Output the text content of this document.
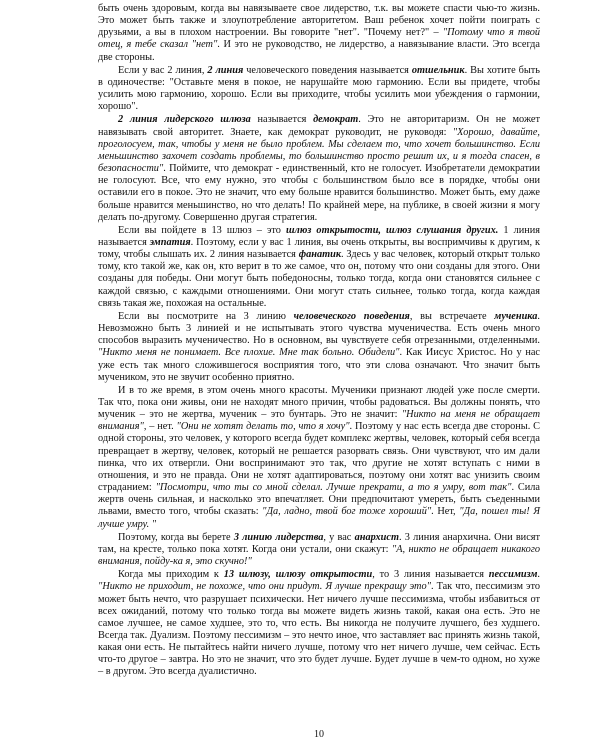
быть очень здоровым, когда вы навязываете свое лидерство, т.к. вы можете спасти чью-то жизнь. Это может быть также и злоупотребление авторитетом. Ваш ребенок хочет пойти поиграть с друзьями, а вы в плохом настроении. Вы говорите "нет". "Почему нет?" – "Потому что я твой отец, я тебе сказал "нет". И это не руководство, не лидерство, а навязывание власти. Это всегда две стороны.

Если у вас 2 линия, 2 линия человеческого поведения называется отшельник. Вы хотите быть в одиночестве: "Оставьте меня в покое, не нарушайте мою гармонию. Если вы придете, чтобы усилить мою гармонию, хорошо. Если вы приходите, чтобы усилить мои убеждения о гармонии, хорошо".

2 линия лидерского шлюза называется демократ. Это не авторитаризм. Он не может навязывать свой авторитет. Знаете, как демократ руководит, не руководя: "Хорошо, давайте, проголосуем, так, чтобы у меня не было проблем. Мы сделаем то, что хочет большинство. Если меньшинство захочет создать проблемы, то большинство просто решит их, и я тогда спасен, в безопасности". Поймите, что демократ - единственный, кто не голосует. Изобретатели демократии не голосуют. Все, что ему нужно, это чтобы с большинством было все в порядке, чтобы они оставили его в покое. Это не значит, что ему больше нравится большинство. Может быть, ему даже больше нравится меньшинство, но что делать! По крайней мере, на публике, в своей жизни я могу делать по-другому. Совершенно другая стратегия.

Если вы пойдете в 13 шлюз – это шлюз открытости, шлюз слушания других. 1 линия называется эмпатия. Поэтому, если у вас 1 линия, вы очень открыты, вы воспримчивы к другим, к тому, чтобы слышать их. 2 линия называется фанатик. Здесь у вас человек, который открыт только тому, кто такой же, как он, кто верит в то же самое, что он, потому что они созданы для этого. Они созданы для победы. Они могут быть победоносны, только тогда, когда они становятся сильнее с каждой связью, с каждыми отношениями. Они могут стать сильнее, только тогда, когда каждая связь такая же, похожая на остальные.

Если вы посмотрите на 3 линию человеческого поведения, вы встречаете мученика. Невозможно быть 3 линией и не испытывать этого чувства мученичества. Есть очень много способов выразить мученичество. Но в основном, вы чувствуете себя отрезанными, отделенными. "Никто меня не понимает. Все плохие. Мне так больно. Обидели". Как Иисус Христос. Но у нас уже есть так много сложившегося восприятия того, что эти слова означают. Что значит быть мучеником, это не звучит особенно приятно.

И в то же время, в этом очень много красоты. Мученики признают людей уже после смерти. Так что, пока они живы, они не находят много причин, чтобы радоваться. Вы должны понять, что мученик – это не жертва, мученик – это бунтарь. Это не значит: "Никто на меня не обращает внимания", – нет. "Они не хотят делать то, что я хочу". Поэтому у нас есть всегда две стороны. С одной стороны, это человек, у которого всегда будет комплекс жертвы, человек, который себя всегда превращает в жертву, человек, который не решается разорвать связь. Они чувствуют, что им дали пинка, что их отвергли. Они воспринимают это так, что другие не хотят вступать с ними в отношения, и это не правда. Они не хотят адаптироваться, поэтому они хотят вас унизить своим страданием: "Посмотри, что ты со мной сделал. Лучше прекрати, а то я умру, вот так". Сила жертв очень сильная, и насколько это впечатляет. Они предпочитают умереть, быть съеденными львами, вместо того, чтобы сказать: "Да, ладно, твой бог тоже хороший". Нет, "Да, пошел ты! Я лучше умру. "

Поэтому, когда вы берете 3 линию лидерства, у вас анархист. 3 линия анархична. Они висят там, на кресте, только пока хотят. Когда они устали, они скажут: "А, никто не обращает никакого внимания, пойду-ка я, это скучно!"

Когда мы приходим к 13 шлюзу, шлюзу открытости, то 3 линия называется пессимизм. "Никто не приходит, не похоже, что они придут. Я лучше прекращу это". Так что, пессимизм это может быть нечто, что разрушает психически. Нет ничего лучше пессимизма, чтобы избавиться от всех ожиданий, потому что только тогда вы можете видеть жизнь такой, какая она есть. Это не самое лучшее, не самое худшее, это то, что есть. Вы никогда не получите лучшего, без худшего. Всегда так. Дуализм. Поэтому пессимизм – это нечто иное, что заставляет вас принять жизнь такой, какая они есть. Не пытайтесь найти ничего лучше, потому что нет ничего лучше, чем сейчас. Есть что-то другое – завтра. Но это не значит, что это будет лучше. Будет лучше в чем-то одном, но хуже – в другом. Это всегда дуалистично.

10
